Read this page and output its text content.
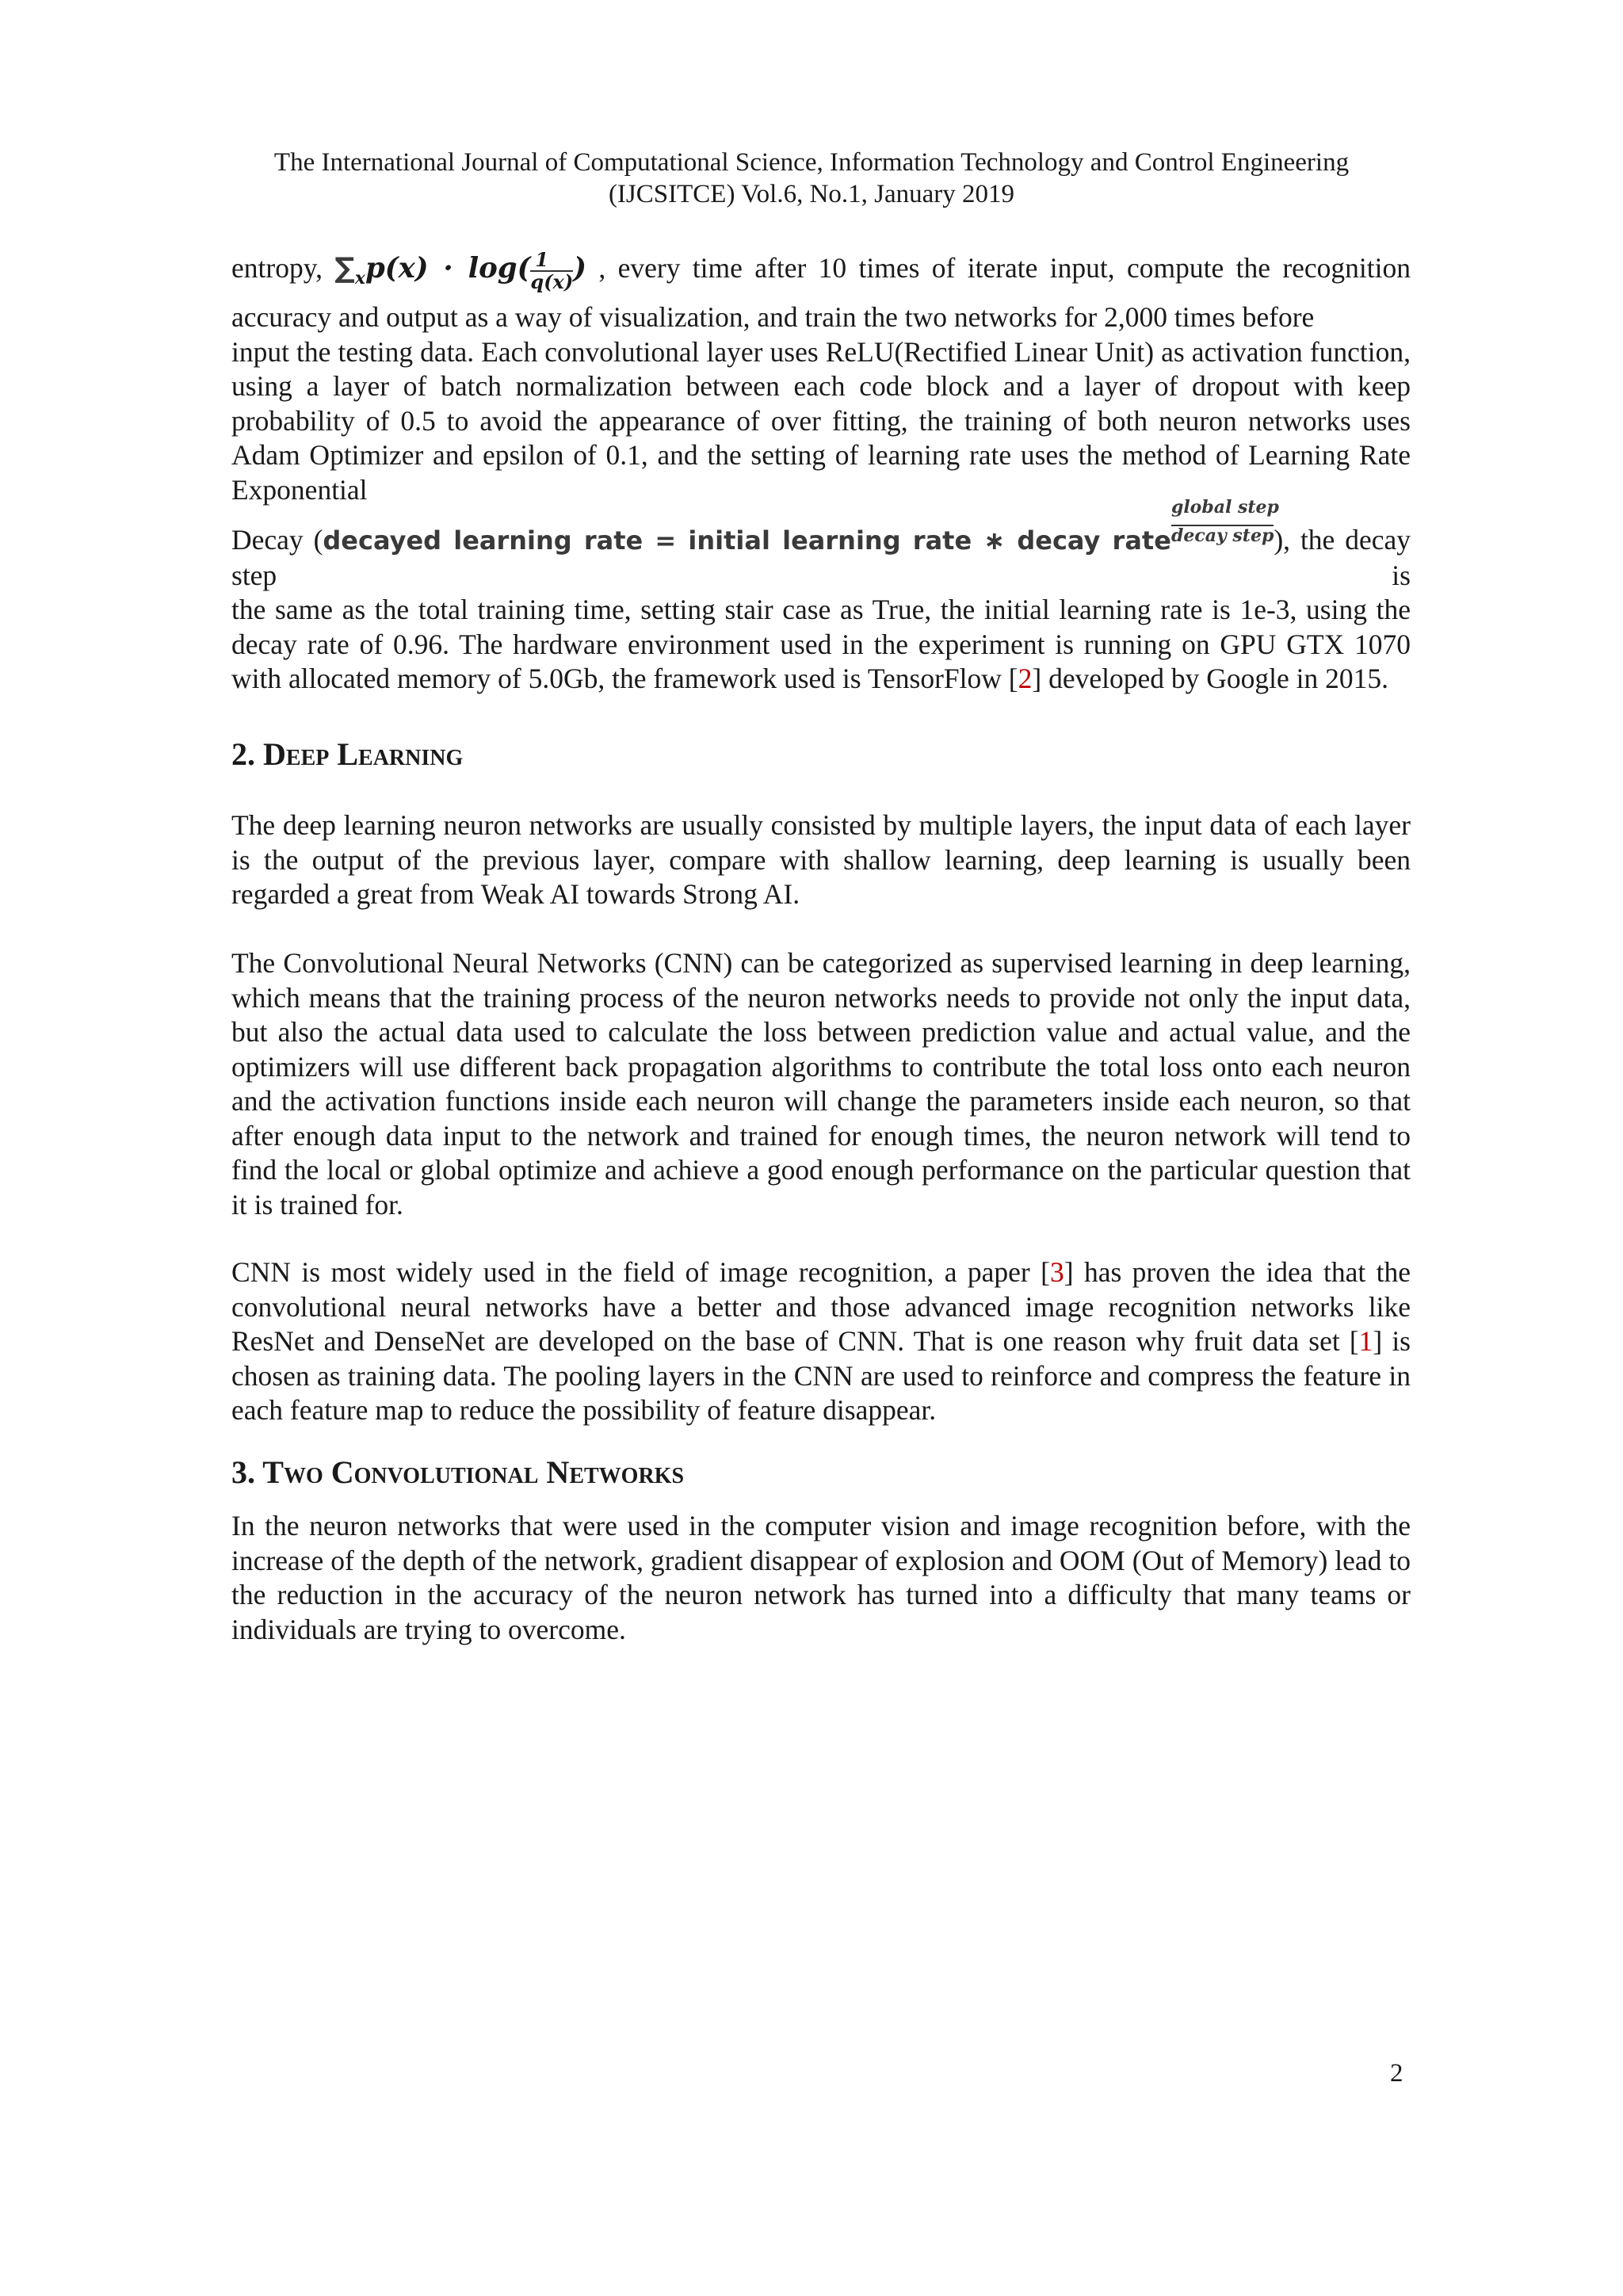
The International Journal of Computational Science, Information Technology and Control Engineering
(IJCSITCE) Vol.6, No.1, January 2019

entropy, $\sum_xp(x) \cdot \log( \frac{1}{q(x)}$ ) , every time after 10 times of iterate input, compute the recognition

accuracy and output as a way of visualization, and train the two networks for 2,000 times before

input the testing data. Each convolutional layer uses ReLU(Rectified Linear Unit) as activation function, using a layer of batch normalization between each code block and a layer of dropout with keep probability of 0.5 to avoid the appearance of over fitting, the training of both neuron networks uses Adam Optimizer and epsilon of 0.1, and the setting of learning rate uses the method of Learning Rate Exponential

Decay (decayed learning rate = initial learning rate ∗ decay rate $\frac{\text{global step}}{\text{decay step}}$ ), the decay step is

the same as the total training time, setting stair case as True, the initial learning rate is 1e-3, using the decay rate of 0.96. The hardware environment used in the experiment is running on GPU GTX 1070 with allocated memory of 5.0Gb, the framework used is TensorFlow [2] developed by Google in 2015.

2. Deep Learning

The deep learning neuron networks are usually consisted by multiple layers, the input data of each layer is the output of the previous layer, compare with shallow learning, deep learning is usually been regarded a great from Weak AI towards Strong AI.

The Convolutional Neural Networks (CNN) can be categorized as supervised learning in deep learning, which means that the training process of the neuron networks needs to provide not only the input data, but also the actual data used to calculate the loss between prediction value and actual value, and the optimizers will use different back propagation algorithms to contribute the total loss onto each neuron and the activation functions inside each neuron will change the parameters inside each neuron, so that after enough data input to the network and trained for enough times, the neuron network will tend to find the local or global optimize and achieve a good enough performance on the particular question that it is trained for.

CNN is most widely used in the field of image recognition, a paper [3] has proven the idea that the convolutional neural networks have a better and those advanced image recognition networks like ResNet and DenseNet are developed on the base of CNN. That is one reason why fruit data set [1] is chosen as training data. The pooling layers in the CNN are used to reinforce and compress the feature in each feature map to reduce the possibility of feature disappear.

3. Two Convolutional Networks

In the neuron networks that were used in the computer vision and image recognition before, with the increase of the depth of the network, gradient disappear of explosion and OOM (Out of Memory) lead to the reduction in the accuracy of the neuron network has turned into a difficulty that many teams or individuals are trying to overcome.

2
